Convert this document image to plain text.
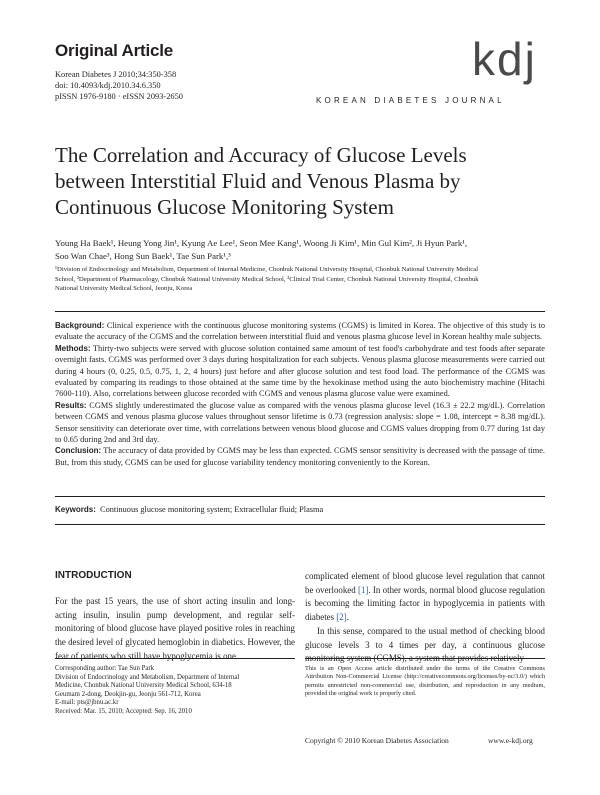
Original Article
Korean Diabetes J 2010;34:350-358
doi: 10.4093/kdj.2010.34.6.350
pISSN 1976-9180 · eISSN 2093-2650
kdj
KOREAN DIABETES JOURNAL
The Correlation and Accuracy of Glucose Levels
between Interstitial Fluid and Venous Plasma by
Continuous Glucose Monitoring System
Young Ha Baek¹, Heung Yong Jin¹, Kyung Ae Lee¹, Seon Mee Kang¹, Woong Ji Kim¹, Min Gul Kim², Ji Hyun Park¹,
Soo Wan Chae³, Hong Sun Baek¹, Tae Sun Park¹,³
¹Division of Endocrinology and Metabolism, Department of Internal Medicine, Chonbuk National University Hospital, Chonbuk National University Medical
School, ²Department of Pharmacology, Chonbuk National University Medical School, ³Clinical Trial Center, Chonbuk National University Hospital, Chonbuk
National University Medical School, Jeonju, Korea

Background: Clinical experience with the continuous glucose monitoring systems (CGMS) is limited in Korea. The objective of this study is to evaluate the accuracy of the CGMS and the correlation between interstitial fluid and venous plasma glucose level in Korean healthy male subjects.

Methods: Thirty-two subjects were served with glucose solution contained same amount of test food's carbohydrate and test foods after separate overnight fasts. CGMS was performed over 3 days during hospitalization for each subjects. Venous plasma glucose measurements were carried out during 4 hours (0, 0.25, 0.5, 0.75, 1, 2, 4 hours) just before and after glucose solution and test food load. The performance of the CGMS was evaluated by comparing its readings to those obtained at the same time by the hexokinase method using the auto biochemistry machine (Hitachi 7600-110). Also, correlations between glucose recorded with CGMS and venous plasma glucose value were examined.

Results: CGMS slightly underestimated the glucose value as compared with the venous plasma glucose level (16.3 ± 22.2 mg/dL). Correlation between CGMS and venous plasma glucose values throughout sensor lifetime is 0.73 (regression analysis: slope = 1.08, intercept = 8.38 mg/dL). Sensor sensitivity can deteriorate over time, with correlations between venous blood glucose and CGMS values dropping from 0.77 during 1st day to 0.65 during 2nd and 3rd day.

Conclusion: The accuracy of data provided by CGMS may be less than expected. CGMS sensor sensitivity is decreased with the passage of time. But, from this study, CGMS can be used for glucose variability tendency monitoring conveniently to the Korean.

Keywords: Continuous glucose monitoring system; Extracellular fluid; Plasma
INTRODUCTION

For the past 15 years, the use of short acting insulin and long-acting insulin, insulin pump development, and regular self-monitoring of blood glucose have played positive roles in reaching the desired level of glycated hemoglobin in diabetics. However, the fear of patients who still have hypoglycemia is one

complicated element of blood glucose level regulation that cannot be overlooked [1]. In other words, normal blood glucose regulation is becoming the limiting factor in hypoglycemia in patients with diabetes [2].

In this sense, compared to the usual method of checking blood glucose levels 3 to 4 times per day, a continuous glucose monitoring system (CGMS), a system that provides relatively

Corresponding author: Tae Sun Park
Division of Endocrinology and Metabolism, Department of Internal
Medicine, Chonbuk National University Medical School, 634-18
Geumam 2-dong, Deokjin-gu, Jeonju 561-712, Korea
E-mail: pts@jbnu.ac.kr
Received: Mar. 15, 2010; Accepted: Sep. 16, 2010
This is an Open Access article distributed under the terms of the Creative Commons Attribution Non-Commercial License (http://creativecommons.org/licenses/by-nc/3.0/) which permits unrestricted non-commercial use, distribution, and reproduction in any medium, provided the original work is properly cited.
Copyright © 2010 Korean Diabetes Association	www.e-kdj.org
